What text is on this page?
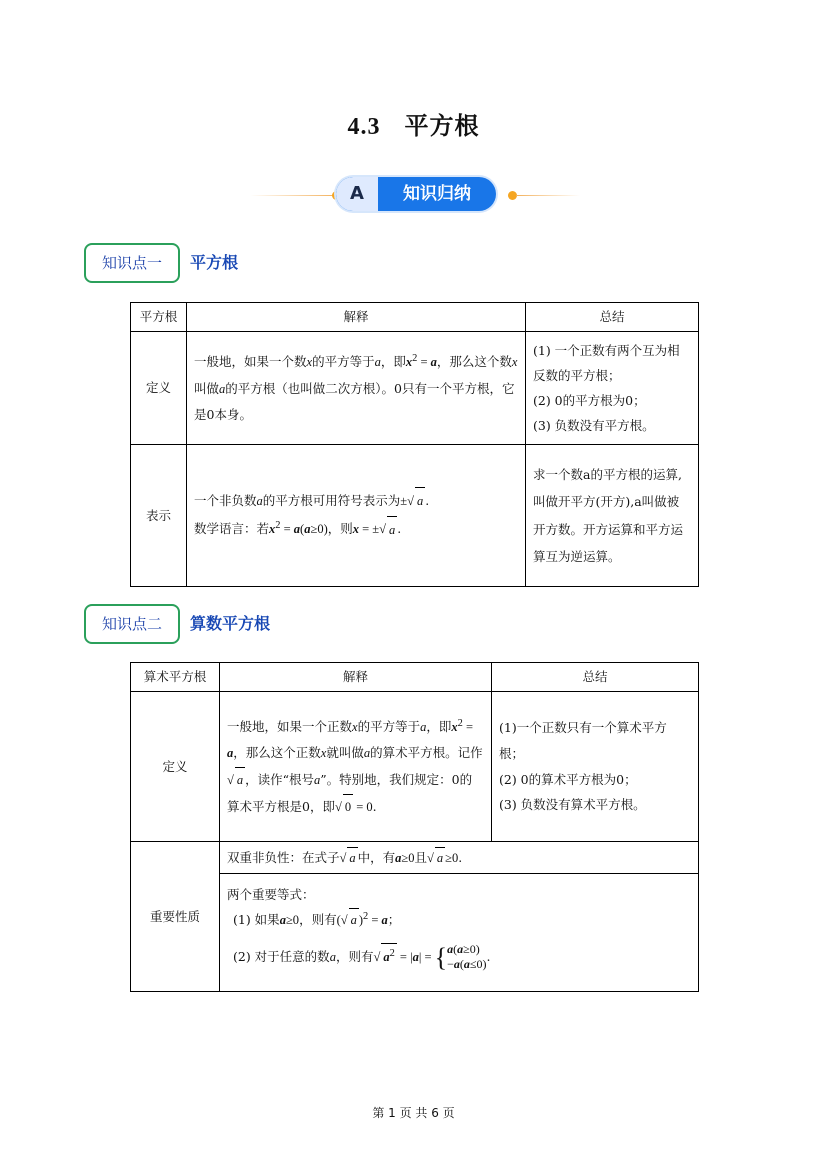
4.3 平方根
A	知识归纳
知识点一	平方根
平方根	解释	总结
定义	一般地，如果一个数x的平方等于a，即$x^2 = a$，那么这个数x叫做a的平方根（也叫做二次方根）。0只有一个平方根，它是0本身。	(1) 一个正数有两个互为相反数的平方根；
(2) 0的平方根为0；
(3) 负数没有平方根。

表示	一个非负数a的平方根可用符号表示为±√ a .
数学语言：若$x^2 = a(a\ge 0)$，则x = ±√ a .	求一个数a的平方根的运算,叫做开平方(开方),a叫做被开方数。开方运算和平方运算互为逆运算。
知识点二	算数平方根
算术平方根	解释	总结
定义	一般地，如果一个正数x的平方等于a，即$x^2 = a$，那么这个正数x就叫做a的算术平方根。记作√ a ，读作“根号a”。特别地，我们规定：0的算术平方根是0，即√ 0 = 0.	(1)一个正数只有一个算术平方根；
(2) 0的算术平方根为0；
(3) 负数没有算术平方根。

重要性质	双重非负性：在式子√ a 中，有a≥0且√ a ≥0.	

	两个重要等式：
(1) 如果a≥0，则有(√ a )$^2$ = a；
(2) 对于任意的数a，则有√ $a^2 = |a| = \{a(a\ge 0)$
−a(a≤0).	
第 1 页 共 6 页
